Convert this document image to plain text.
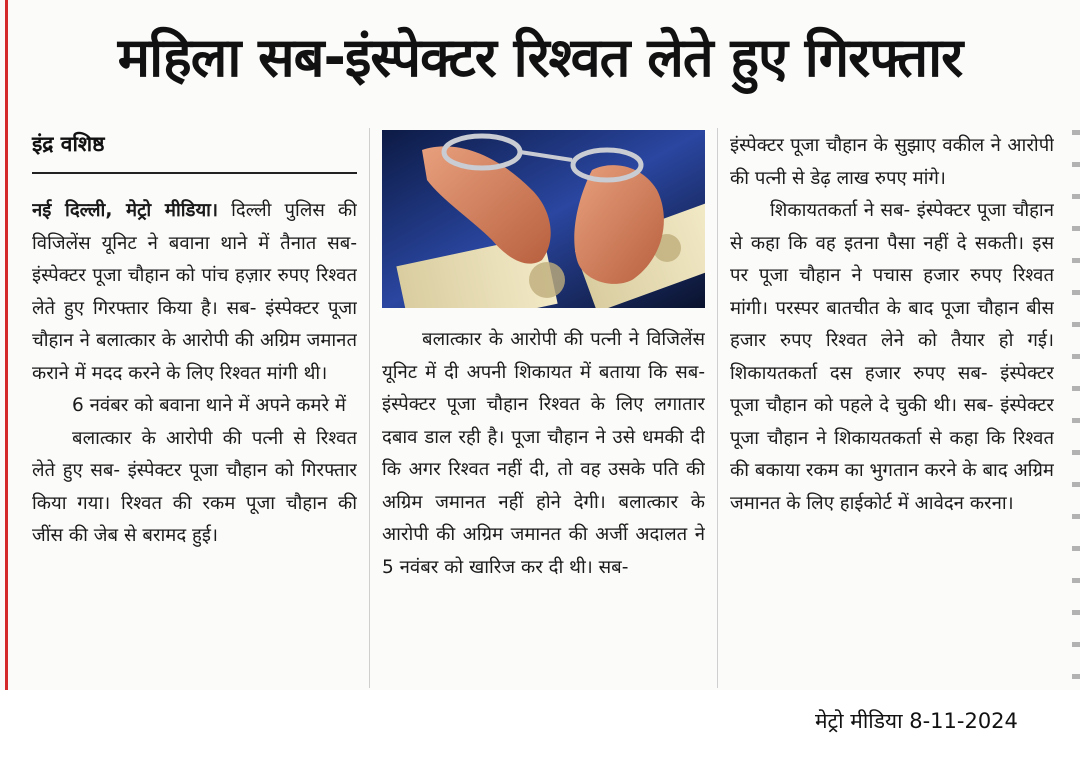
महिला सब-इंस्पेक्टर रिश्वत लेते हुए गिरफ्तार
इंद्र वशिष्ठ

नई दिल्ली, मेट्रो मीडिया। दिल्ली पुलिस की विजिलेंस यूनिट ने बवाना थाने में तैनात सब- इंस्पेक्टर पूजा चौहान को पांच हज़ार रुपए रिश्वत लेते हुए गिरफ्तार किया है। सब- इंस्पेक्टर पूजा चौहान ने बलात्कार के आरोपी की अग्रिम जमानत कराने में मदद करने के लिए रिश्वत मांगी थी।

6 नवंबर को बवाना थाने में अपने कमरे में

बलात्कार के आरोपी की पत्नी से रिश्वत लेते हुए सब- इंस्पेक्टर पूजा चौहान को गिरफ्तार किया गया। रिश्वत की रकम पूजा चौहान की जींस की जेब से बरामद हुई।

बलात्कार के आरोपी की पत्नी ने विजिलेंस यूनिट में दी अपनी शिकायत में बताया कि सब- इंस्पेक्टर पूजा चौहान रिश्वत के लिए लगातार दबाव डाल रही है। पूजा चौहान ने उसे धमकी दी कि अगर रिश्वत नहीं दी, तो वह उसके पति की अग्रिम जमानत नहीं होने देगी। बलात्कार के आरोपी की अग्रिम जमानत की अर्जी अदालत ने 5 नवंबर को खारिज कर दी थी। सब-

इंस्पेक्टर पूजा चौहान के सुझाए वकील ने आरोपी की पत्नी से डेढ़ लाख रुपए मांगे।

शिकायतकर्ता ने सब- इंस्पेक्टर पूजा चौहान से कहा कि वह इतना पैसा नहीं दे सकती। इस पर पूजा चौहान ने पचास हजार रुपए रिश्वत मांगी। परस्पर बातचीत के बाद पूजा चौहान बीस हजार रुपए रिश्वत लेने को तैयार हो गई। शिकायतकर्ता दस हजार रुपए सब- इंस्पेक्टर पूजा चौहान को पहले दे चुकी थी। सब- इंस्पेक्टर पूजा चौहान ने शिकायतकर्ता से कहा कि रिश्वत की बकाया रकम का भुगतान करने के बाद अग्रिम जमानत के लिए हाईकोर्ट में आवेदन करना।

मेट्रो मीडिया 8-11-2024
